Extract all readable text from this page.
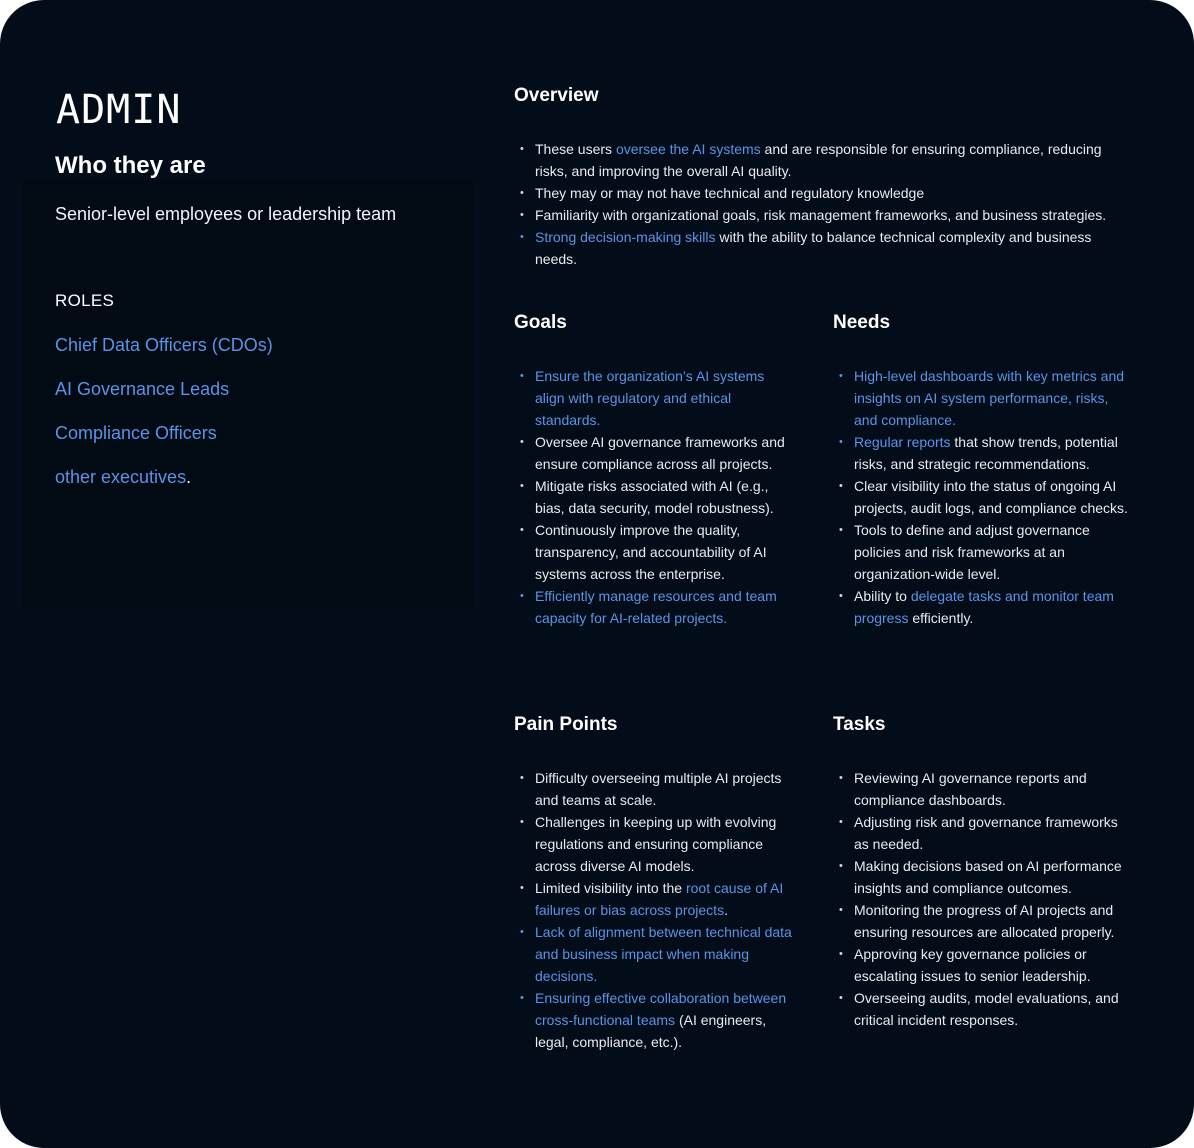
ADMIN
Who they are

Senior-level employees or leadership team

ROLES

Chief Data Officers (CDOs)
AI Governance Leads
Compliance Officers
other executives.
Overview
• These users oversee the AI systems and are responsible for ensuring compliance, reducing risks, and improving the overall AI quality.
• They may or may not have technical and regulatory knowledge
• Familiarity with organizational goals, risk management frameworks, and business strategies.
• Strong decision-making skills with the ability to balance technical complexity and business needs.
Goals
• Ensure the organization’s AI systems align with regulatory and ethical standards.
• Oversee AI governance frameworks and ensure compliance across all projects.
• Mitigate risks associated with AI (e.g., bias, data security, model robustness).
• Continuously improve the quality, transparency, and accountability of AI systems across the enterprise.
• Efficiently manage resources and team capacity for AI-related projects.
Needs
• High-level dashboards with key metrics and insights on AI system performance, risks, and compliance.
• Regular reports that show trends, potential risks, and strategic recommendations.
• Clear visibility into the status of ongoing AI projects, audit logs, and compliance checks.
• Tools to define and adjust governance policies and risk frameworks at an organization-wide level.
• Ability to delegate tasks and monitor team progress efficiently.
Pain Points
• Difficulty overseeing multiple AI projects and teams at scale.
• Challenges in keeping up with evolving regulations and ensuring compliance across diverse AI models.
• Limited visibility into the root cause of AI failures or bias across projects.
• Lack of alignment between technical data and business impact when making decisions.
• Ensuring effective collaboration between cross-functional teams (AI engineers, legal, compliance, etc.).
Tasks
• Reviewing AI governance reports and compliance dashboards.
• Adjusting risk and governance frameworks as needed.
• Making decisions based on AI performance insights and compliance outcomes.
• Monitoring the progress of AI projects and ensuring resources are allocated properly.
• Approving key governance policies or escalating issues to senior leadership.
• Overseeing audits, model evaluations, and critical incident responses.
